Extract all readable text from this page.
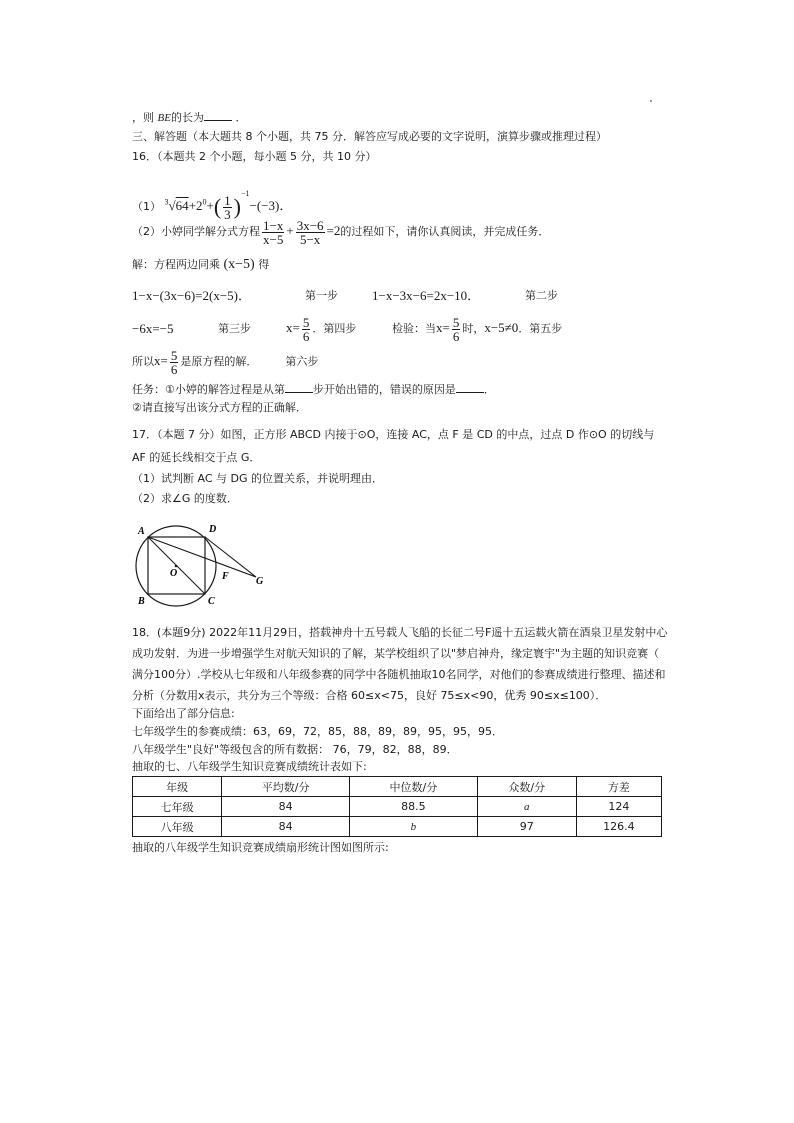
，则 BE的长为	．
三、解答题（本大题共 8 个小题，共 75 分．解答应写成必要的文字说明，演算步骤或推理过程）
16．（本题共 2 个小题，每小题 5 分，共 10 分）
（1） $^3√64+2^0+( \frac{1}{3} )^{-1}-(-3)$．
（2）小婷同学解分式方程 $\frac{1-x}{x-5} + \frac{3x-6}{5-x} =2$的过程如下，请你认真阅读，并完成任务．
解：方程两边同乘 (x−5) 得
1−x−(3x−6)=2(x−5)．	第一步	1−x−3x−6=2x−10．	第二步
−6x=−5	第三步	$x= \frac{5}{6}$ ．第四步	检验：当$x= \frac{5}{6}$ 时，x−5≠0．第五步
所以$x= \frac{5}{6}$ 是原方程的解．	第六步
任务：①小婷的解答过程是从第	步开始出错的，错误的原因是	．
②请直接写出该分式方程的正确解．
17．（本题 7 分）如图，正方形 ABCD 内接于⊙O，连接 AC，点 F 是 CD 的中点，过点 D 作⊙O 的切线与
AF 的延长线相交于点 G．
（1）试判断 AC 与 DG 的位置关系，并说明理由．
（2）求∠G 的度数．
A	D
O	F	G
B	C
18．(本题9分) 2022年11月29日，搭载神舟十五号载人飞船的长征二号F遥十五运载火箭在酒泉卫星发射中心
成功发射．为进一步增强学生对航天知识的了解，某学校组织了以"梦启神舟，缘定寰宇"为主题的知识竞赛（
满分100分）.学校从七年级和八年级参赛的同学中各随机抽取10名同学，对他们的参赛成绩进行整理、描述和
分析（分数用x表示，共分为三个等级：合格 60≤x<75，良好 75≤x<90，优秀 90≤x≤100）．
下面给出了部分信息:
七年级学生的参赛成绩：63，69，72，85，88，89，89，95，95，95．
八年级学生"良好"等级包含的所有数据： 76，79，82，88，89．
抽取的七、八年级学生知识竞赛成绩统计表如下:
年级	平均数/分	中位数/分	众数/分	方差
七年级	84	88.5	a	124
八年级	84	b	97	126.4
抽取的八年级学生知识竞赛成绩扇形统计图如图所示:
